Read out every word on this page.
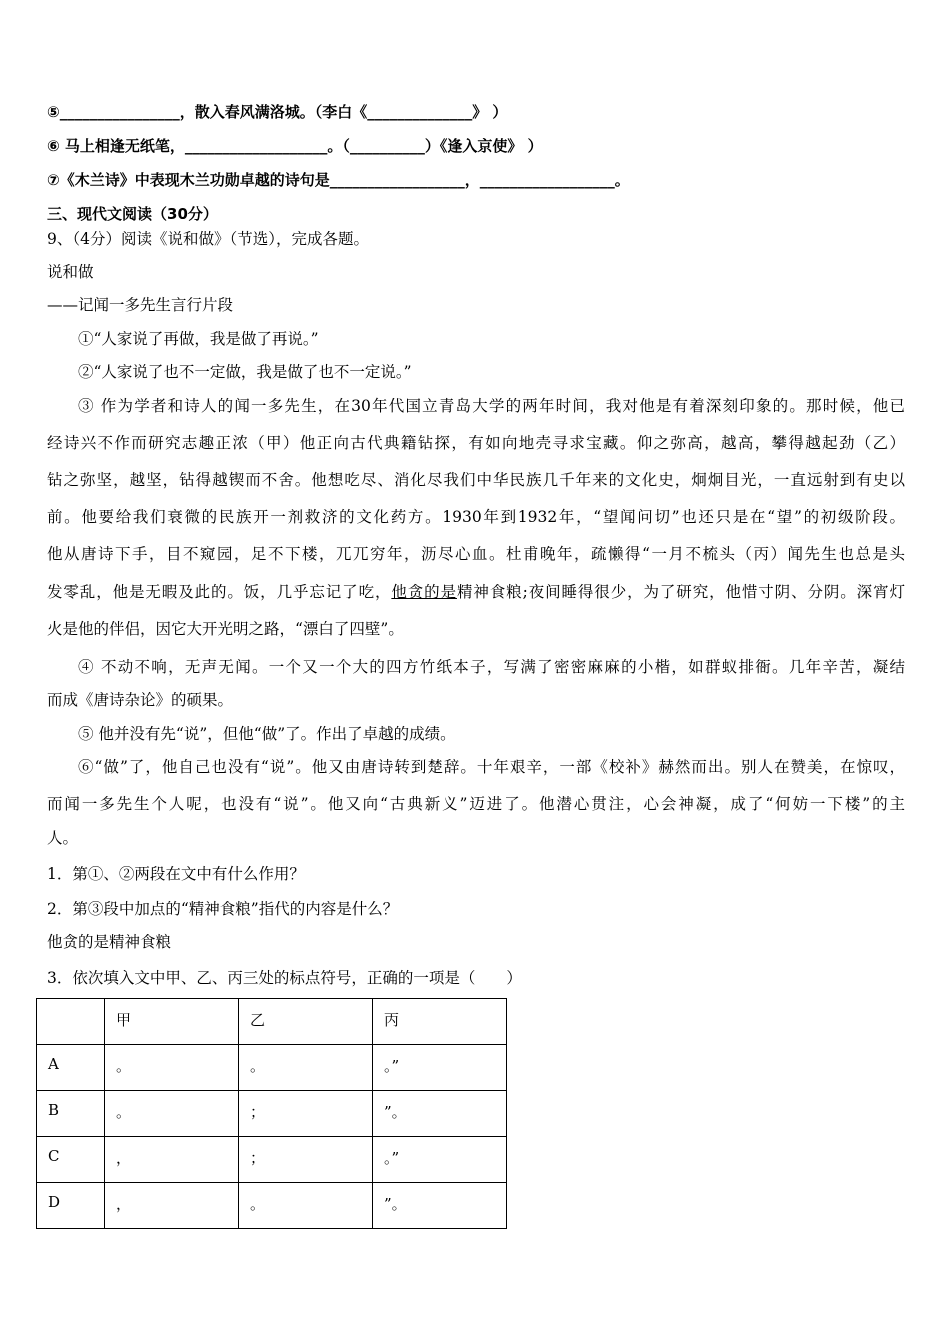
⑤________________，散入春风满洛城。（李白《______________》 ）
⑥ 马上相逢无纸笔，___________________。（__________）《逢入京使》 ）
⑦《木兰诗》中表现木兰功勋卓越的诗句是__________________，__________________。
三、现代文阅读（30分）
9、（4分）阅读《说和做》（节选），完成各题。
说和做
——记闻一多先生言行片段
①“人家说了再做，我是做了再说。”
②“人家说了也不一定做，我是做了也不一定说。”
③ 作为学者和诗人的闻一多先生，在30年代国立青岛大学的两年时间，我对他是有着深刻印象的。那时候，他已
经诗兴不作而研究志趣正浓（甲）他正向古代典籍钻探，有如向地壳寻求宝藏。仰之弥高，越高，攀得越起劲（乙）
钻之弥坚，越坚，钻得越锲而不舍。他想吃尽、消化尽我们中华民族几千年来的文化史，炯炯目光，一直远射到有史以
前。他要给我们衰微的民族开一剂救济的文化药方。1930年到1932年，“望闻问切”也还只是在“望”的初级阶段。
他从唐诗下手，目不窥园，足不下楼，兀兀穷年，沥尽心血。杜甫晚年，疏懒得“一月不梳头（丙）闻先生也总是头
发零乱，他是无暇及此的。饭，几乎忘记了吃，他贪的是精神食粮;夜间睡得很少，为了研究，他惜寸阴、分阴。深宵灯
火是他的伴侣，因它大开光明之路，“漂白了四壁”。
④ 不动不响，无声无闻。一个又一个大的四方竹纸本子，写满了密密麻麻的小楷，如群蚁排衙。几年辛苦，凝结
而成《唐诗杂论》的硕果。
⑤ 他并没有先“说”，但他“做”了。作出了卓越的成绩。
⑥“做”了，他自己也没有“说”。他又由唐诗转到楚辞。十年艰辛，一部《校补》赫然而出。别人在赞美，在惊叹，
而闻一多先生个人呢，也没有“说”。他又向“古典新义”迈进了。他潜心贯注，心会神凝，成了“何妨一下楼”的主
人。
1．第①、②两段在文中有什么作用？
2．第③段中加点的“精神食粮”指代的内容是什么？
他贪的是精神食粮
3．依次填入文中甲、乙、丙三处的标点符号，正确的一项是（　　）
	甲	乙	丙
A	。	。	。”
B	。	；	”。
C	，	；	。”
D	，	。	”。
